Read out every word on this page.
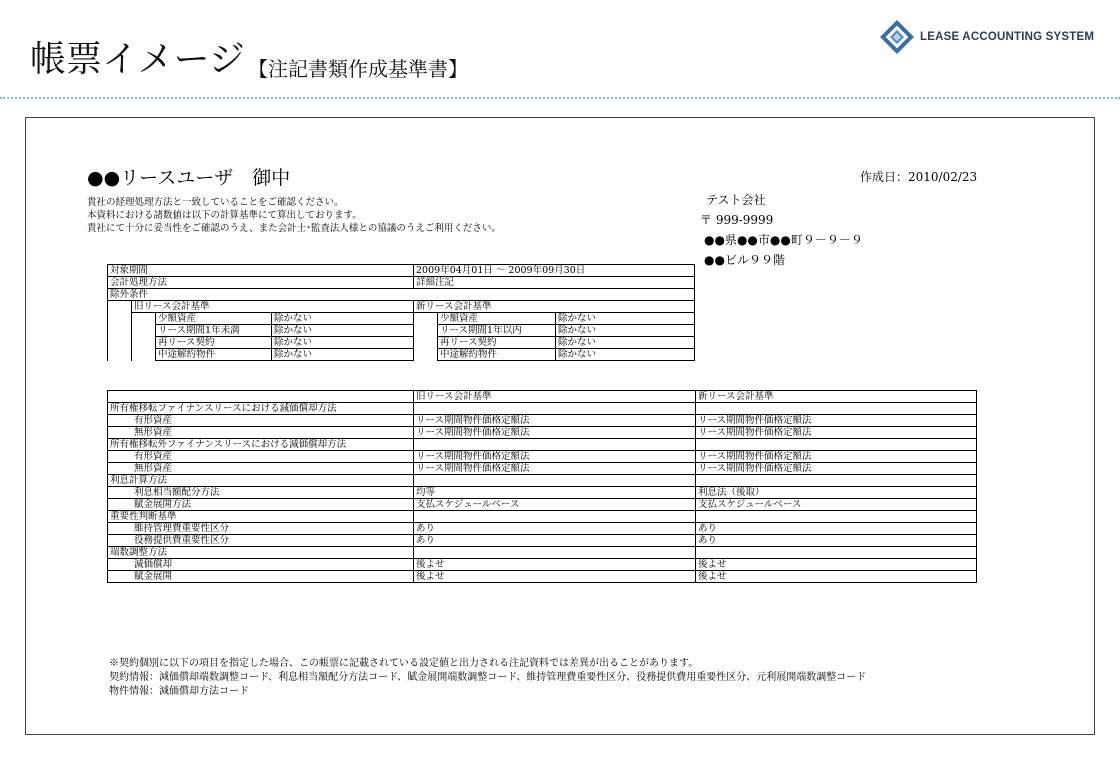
帳票イメージ 【注記書類作成基準書】
LEASE ACCOUNTING SYSTEM
●●リースユーザ　御中	作成日：2010/02/23
貴社の経理処理方法と一致していることをご確認ください。
本資料における諸数値は以下の計算基準にて算出しております。
貴社にて十分に妥当性をご確認のうえ、また会計士･監査法人様との協議のうえご利用ください。
テスト会社
〒 999-9999
●●県●●市●●町９－９－９
●●ビル９９階
対象期間				2009年04月01日 ～ 2009年09月30日		
会計処理方法				詳細注記		
除外条件						
	旧リース会計基準			新リース会計基準		
		少額資産	除かない		少額資産	除かない
		リース期間1年未満	除かない		リース期間1年以内	除かない
		再リース契約	除かない		再リース契約	除かない
		中途解約物件	除かない		中途解約物件	除かない
	旧リース会計基準	新リース会計基準
所有権移転ファイナンスリースにおける減価償却方法		
有形資産	リース期間物件価格定額法	リース期間物件価格定額法
無形資産	リース期間物件価格定額法	リース期間物件価格定額法
所有権移転外ファイナンスリースにおける減価償却方法		
有形資産	リース期間物件価格定額法	リース期間物件価格定額法
無形資産	リース期間物件価格定額法	リース期間物件価格定額法
利息計算方法		
利息相当額配分方法	均等	利息法（後取）
賦金展開方法	支払スケジュールベース	支払スケジュールベース
重要性判断基準		
維持管理費重要性区分	あり	あり
役務提供費重要性区分	あり	あり
端数調整方法		
減価償却	後よせ	後よせ
賦金展開	後よせ	後よせ
※契約個別に以下の項目を指定した場合、この帳票に記載されている設定値と出力される注記資料では差異が出ることがあります。
契約情報：減価償却端数調整コード、利息相当額配分方法コード、賦金展開端数調整コード、維持管理費重要性区分、役務提供費用重要性区分、元利展開端数調整コード
物件情報：減価償却方法コード
